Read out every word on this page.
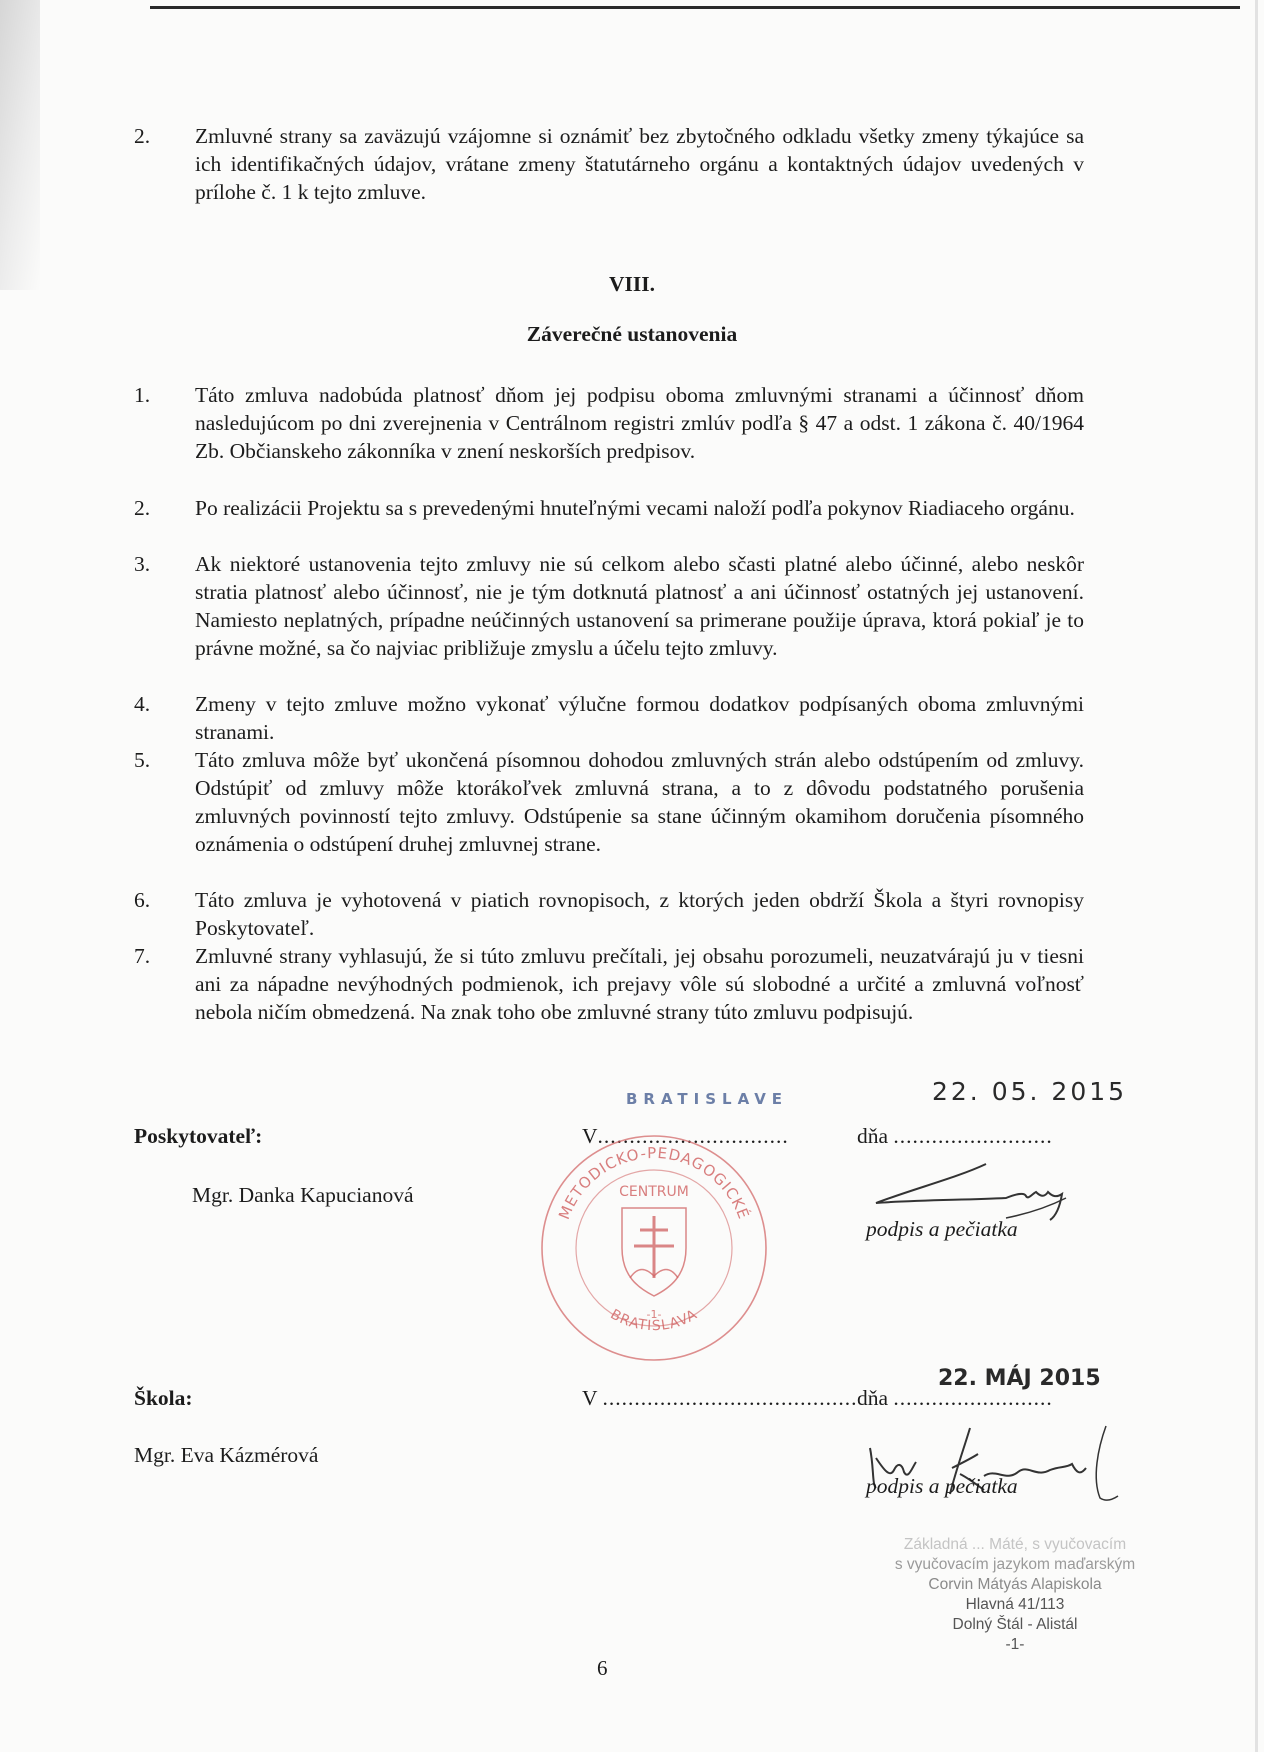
2. Zmluvné strany sa zaväzujú vzájomne si oznámiť bez zbytočného odkladu všetky zmeny týkajúce sa ich identifikačných údajov, vrátane zmeny štatutárneho orgánu a kontaktných údajov uvedených v prílohe č. 1 k tejto zmluve.
VIII.
Záverečné ustanovenia
1. Táto zmluva nadobúda platnosť dňom jej podpisu oboma zmluvnými stranami a účinnosť dňom nasledujúcom po dni zverejnenia v Centrálnom registri zmlúv podľa § 47 a odst. 1 zákona č. 40/1964 Zb. Občianskeho zákonníka v znení neskorších predpisov.
2. Po realizácii Projektu sa s prevedenými hnuteľnými vecami naloží podľa pokynov Riadiaceho orgánu.
3. Ak niektoré ustanovenia tejto zmluvy nie sú celkom alebo sčasti platné alebo účinné, alebo neskôr stratia platnosť alebo účinnosť, nie je tým dotknutá platnosť a ani účinnosť ostatných jej ustanovení. Namiesto neplatných, prípadne neúčinných ustanovení sa primerane použije úprava, ktorá pokiaľ je to právne možné, sa čo najviac približuje zmyslu a účelu tejto zmluvy.
4. Zmeny v tejto zmluve možno vykonať výlučne formou dodatkov podpísaných oboma zmluvnými stranami.
5. Táto zmluva môže byť ukončená písomnou dohodou zmluvných strán alebo odstúpením od zmluvy. Odstúpiť od zmluvy môže ktorákoľvek zmluvná strana, a to z dôvodu podstatného porušenia zmluvných povinností tejto zmluvy. Odstúpenie sa stane účinným okamihom doručenia písomného oznámenia o odstúpení druhej zmluvnej strane.
6. Táto zmluva je vyhotovená v piatich rovnopisoch, z ktorých jeden obdrží Škola a štyri rovnopisy Poskytovateľ.
7. Zmluvné strany vyhlasujú, že si túto zmluvu prečítali, jej obsahu porozumeli, neuzatvárajú ju v tiesni ani za nápadne nevýhodných podmienok, ich prejavy vôle sú slobodné a určité a zmluvná voľnosť nebola ničím obmedzená. Na znak toho obe zmluvné strany túto zmluvu podpisujú.
BRATISLAVE	22. 05. 2015
Poskytovateľ:	V..............................	dňa .........................
Mgr. Danka Kapucianová
podpis a pečiatka
METODICKO-PEDAGOGICKÉ
CENTRUM
-1-
BRATISLAVA
22. MÁJ 2015
Škola:	V ........................................ dňa .........................
Mgr. Eva Kázmérová
podpis a pečiatka
Základná ... Máté, s vyučovacím
s vyučovacím jazykom maďarským
Corvin Mátyás Alapiskola
Hlavná 41/113
Dolný Štál - Alistál
-1-
6
